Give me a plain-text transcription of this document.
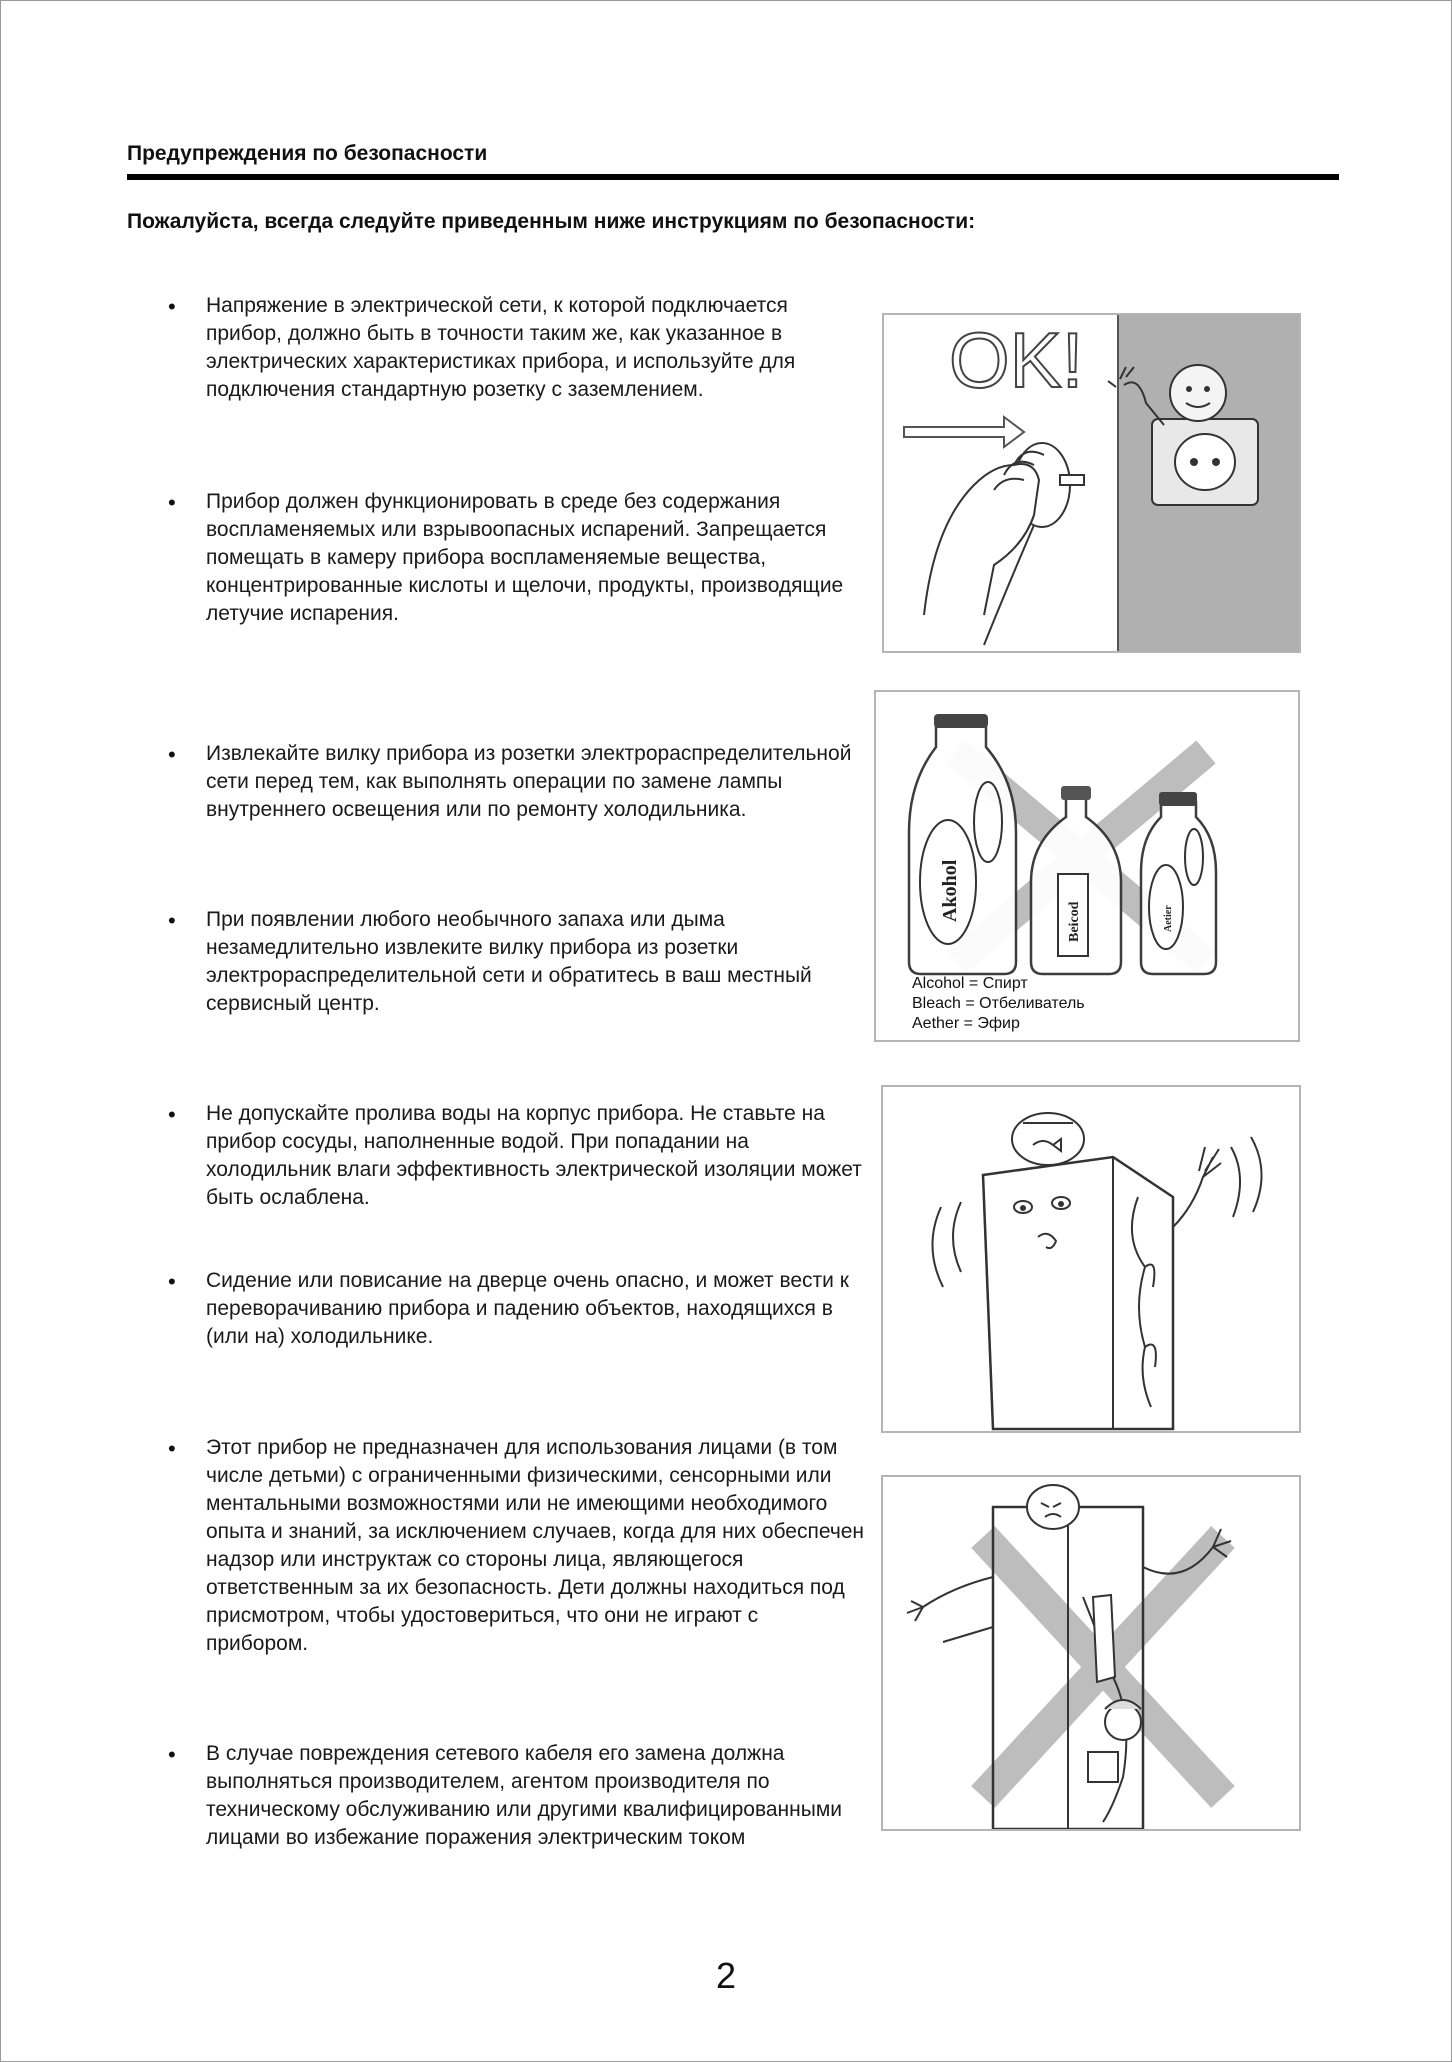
Предупреждения по безопасности
Пожалуйста, всегда следуйте приведенным ниже инструкциям по безопасности:
• Напряжение в электрической сети, к которой подключается прибор, должно быть в точности таким же, как указанное в электрических характеристиках прибора, и используйте для подключения стандартную розетку с заземлением.
• Прибор должен функционировать в среде без содержания воспламеняемых или взрывоопасных испарений. Запрещается помещать в камеру прибора воспламеняемые вещества, концентрированные кислоты и щелочи, продукты, производящие летучие испарения.
• Извлекайте вилку прибора из розетки электрораспределительной сети перед тем, как выполнять операции по замене лампы внутреннего освещения или по ремонту холодильника.
• При появлении любого необычного запаха или дыма незамедлительно извлеките вилку прибора из розетки электрораспределительной сети и обратитесь в ваш местный сервисный центр.
• Не допускайте пролива воды на корпус прибора. Не ставьте на прибор сосуды, наполненные водой. При попадании на холодильник влаги эффективность электрической изоляции может быть ослаблена.
• Сидение или повисание на дверце очень опасно, и может вести к переворачиванию прибора и падению объектов, находящихся в (или на) холодильнике.
• Этот прибор не предназначен для использования лицами (в том числе детьми) с ограниченными физическими, сенсорными или ментальными возможностями или не имеющими необходимого опыта и знаний, за исключением случаев, когда для них обеспечен надзор или инструктаж со стороны лица, являющегося ответственным за их безопасность. Дети должны находиться под присмотром, чтобы удостовериться, что они не играют с прибором.
• В случае повреждения сетевого кабеля его замена должна выполняться производителем, агентом производителя по техническому обслуживанию или другими квалифицированными лицами во избежание поражения электрическим током
OK!
Akohol	Beicod	Aetier
Alcohol = Спирт
Bleach = Отбеливатель
Aether = Эфир
2
